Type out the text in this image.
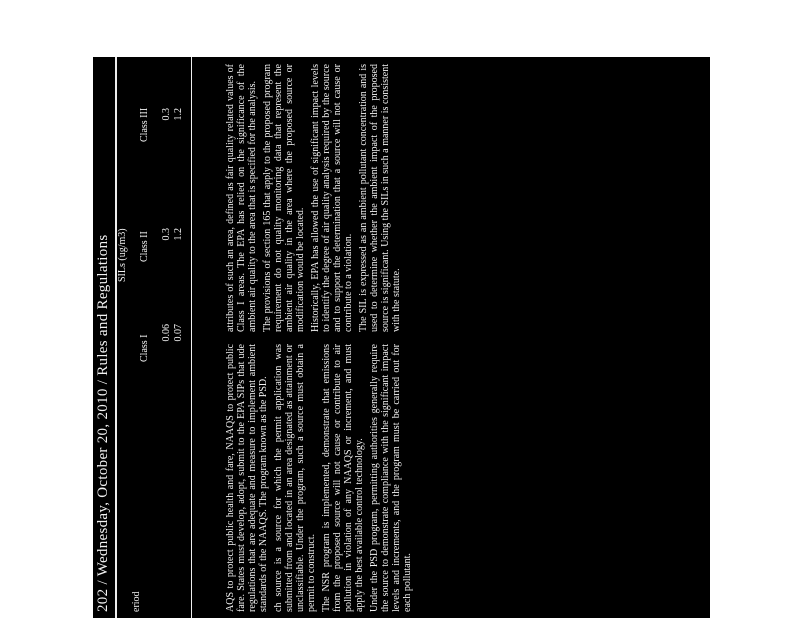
202 / Wednesday, October 20, 2010 / Rules and Regulations eriod
SILs (ug/m3)
Class I
Class II
Class III
0.06
0.3
0.3
0.07
1.2
1.2

AQS to protect public health and fare, NAAQS to protect public fare. States must develop, adopt, submit to the EPA SIPs that ude regulations that are adequate and measure to implement ambient standards of the NAAQS. The program known as the PSD. ch source is a source for which the permit application was submitted from and located in an area designated as attainment or unclassifiable. Under the program, such a source must obtain a permit to construct. The NSR program is implemented, demonstrate that emissions from the proposed source will not cause or contribute to air pollution in violation of any NAAQS or increment, and must apply the best available control technology. Under the PSD program, permitting authorities generally require the source to demonstrate compliance with the significant impact levels and increments, and the program must be carried out for each pollutant.

attributes of such an area, defined as fair quality related values of Class I areas. The EPA has relied on the significance of the ambient air quality to the area that is specified for the analysis. The provisions of section 165 that apply to the proposed program requirement do not quality monitoring data that represent the ambient air quality in the area where the proposed source or modification would be located. Historically, EPA has allowed the use of significant impact levels to identify the degree of air quality analysis required by the source and to support the determination that a source will not cause or contribute to a violation. The SIL is expressed as an ambient pollutant concentration and is used to determine whether the ambient impact of the proposed source is significant. Using the SILs in such a manner is consistent with the statute.
